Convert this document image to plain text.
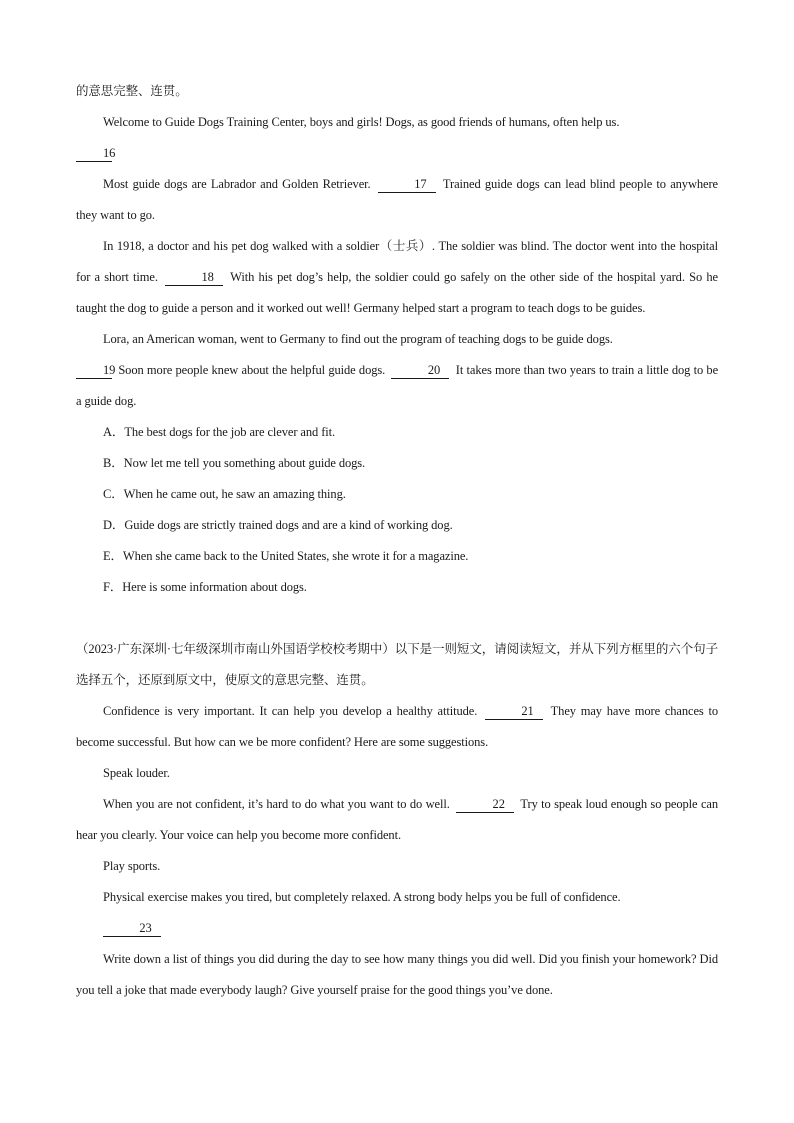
的意思完整、连贯。

Welcome to Guide Dogs Training Center, boys and girls! Dogs, as good friends of humans, often help us.
16

Most guide dogs are Labrador and Golden Retriever.	17 Trained guide dogs can lead blind people to anywhere they want to go.

In 1918, a doctor and his pet dog walked with a soldier（士兵）. The soldier was blind. The doctor went into the hospital for a short time.	18 With his pet dog’s help, the soldier could go safely on the other side of the hospital yard. So he taught the dog to guide a person and it worked out well! Germany helped start a program to teach dogs to be guides.

Lora, an American woman, went to Germany to find out the program of teaching dogs to be guide dogs.
19 Soon more people knew about the helpful guide dogs.	20 It takes more than two years to train a little dog to be a guide dog.

A．The best dogs for the job are clever and fit.

B．Now let me tell you something about guide dogs.

C．When he came out, he saw an amazing thing.

D．Guide dogs are strictly trained dogs and are a kind of working dog.

E．When she came back to the United States, she wrote it for a magazine.

F．Here is some information about dogs.

（2023·广东深圳·七年级深圳市南山外国语学校校考期中）以下是一则短文，请阅读短文，并从下列方框里的六个句子选择五个，还原到原文中，使原文的意思完整、连贯。

Confidence is very important. It can help you develop a healthy attitude.	21 They may have more chances to become successful. But how can we be more confident? Here are some suggestions.

Speak louder.

When you are not confident, it’s hard to do what you want to do well.	22 Try to speak loud enough so people can hear you clearly. Your voice can help you become more confident.

Play sports.

Physical exercise makes you tired, but completely relaxed. A strong body helps you be full of confidence.

23

Write down a list of things you did during the day to see how many things you did well. Did you finish your homework? Did you tell a joke that made everybody laugh? Give yourself praise for the good things you’ve done.
